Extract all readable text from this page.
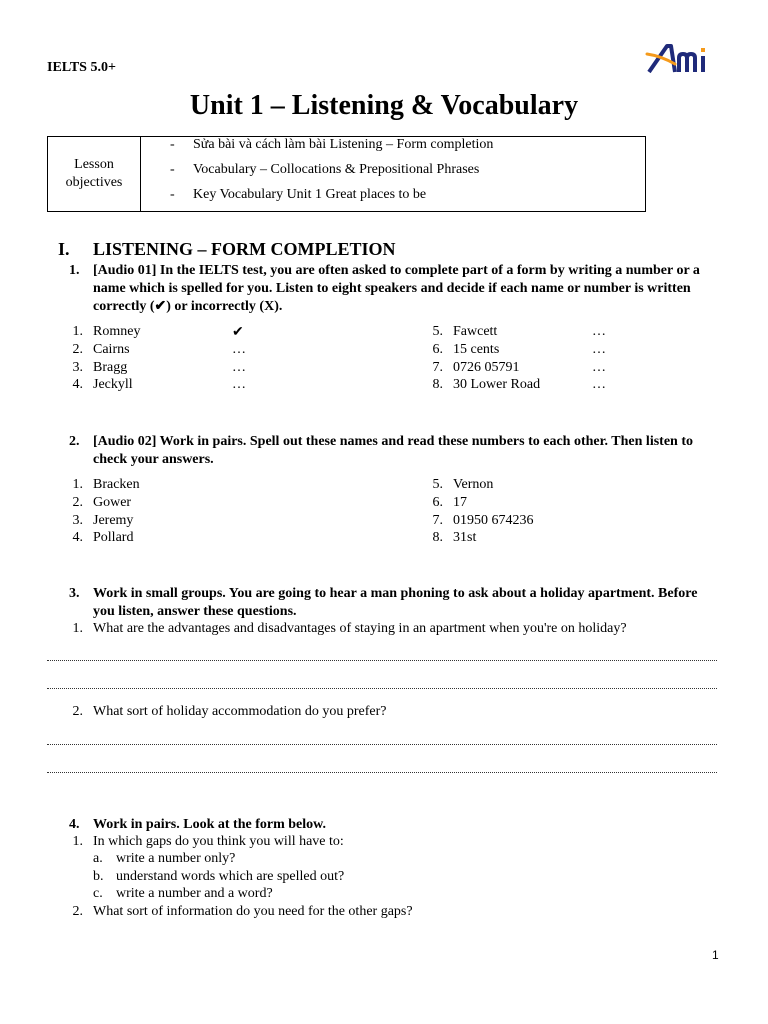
IELTS 5.0+
Unit 1 – Listening & Vocabulary
Lesson objectives
- Sửa bài và cách làm bài Listening – Form completion
- Vocabulary – Collocations & Prepositional Phrases
- Key Vocabulary Unit 1 Great places to be
I. LISTENING – FORM COMPLETION
1. [Audio 01] In the IELTS test, you are often asked to complete part of a form by writing a number or a name which is spelled for you. Listen to eight speakers and decide if each name or number is written correctly (✔) or incorrectly (X).
1. Romney	✔
2. Cairns	…
3. Bragg	…
4. Jeckyll	…
5. Fawcett	…
6. 15 cents	…
7. 0726 05791	…
8. 30 Lower Road	…
2. [Audio 02] Work in pairs. Spell out these names and read these numbers to each other. Then listen to check your answers.
1. Bracken
2. Gower
3. Jeremy
4. Pollard
5. Vernon
6. 17
7. 01950 674236
8. 31st
3. Work in small groups. You are going to hear a man phoning to ask about a holiday apartment. Before you listen, answer these questions.
1. What are the advantages and disadvantages of staying in an apartment when you're on holiday?
2. What sort of holiday accommodation do you prefer?
4. Work in pairs. Look at the form below.
1. In which gaps do you think you will have to:
a. write a number only?
b. understand words which are spelled out?
c. write a number and a word?
2. What sort of information do you need for the other gaps?
1
